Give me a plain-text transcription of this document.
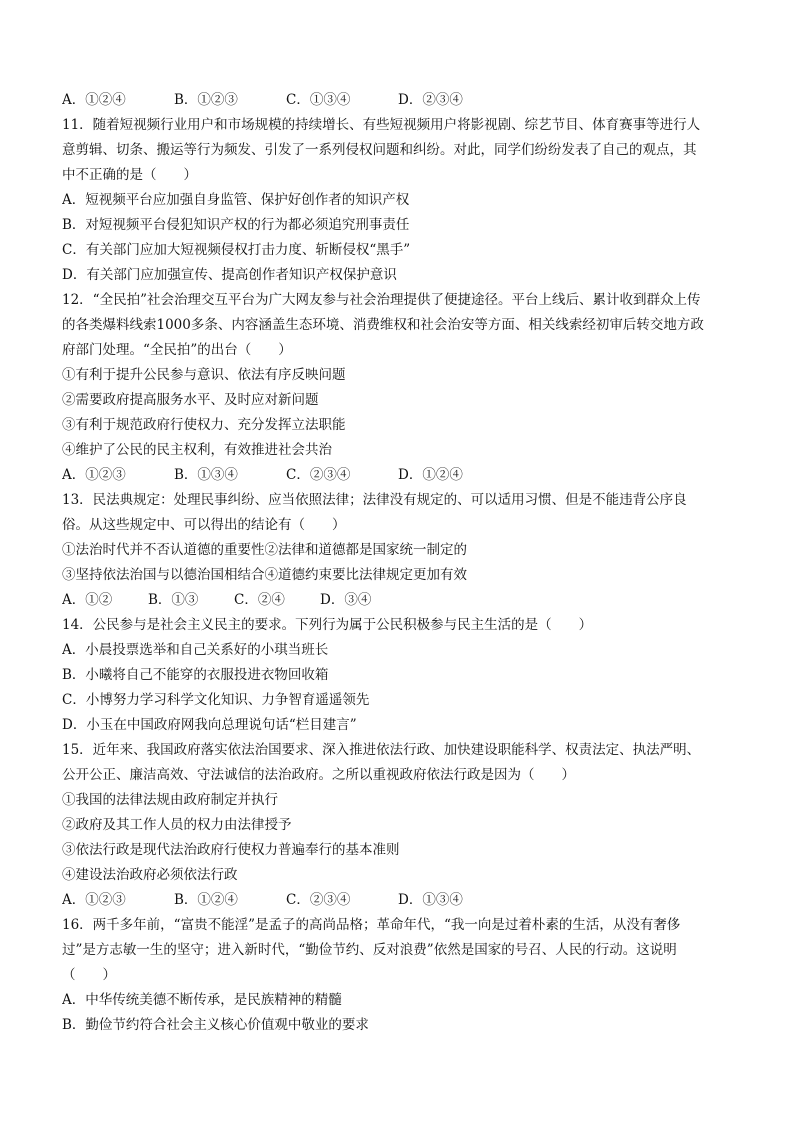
A．①②④	B．①②③	C．①③④	D．②③④
11．随着短视频行业用户和市场规模的持续增长、有些短视频用户将影视剧、综艺节目、体育赛事等进行人
意剪辑、切条、搬运等行为频发、引发了一系列侵权问题和纠纷。对此，同学们纷纷发表了自己的观点，其
中不正确的是（　　）
A．短视频平台应加强自身监管、保护好创作者的知识产权
B．对短视频平台侵犯知识产权的行为都必须追究刑事责任
C．有关部门应加大短视频侵权打击力度、斩断侵权“黑手”
D．有关部门应加强宣传、提高创作者知识产权保护意识
12．“全民拍”社会治理交互平台为广大网友参与社会治理提供了便捷途径。平台上线后、累计收到群众上传
的各类爆料线索1000多条、内容涵盖生态环境、消费维权和社会治安等方面、相关线索经初审后转交地方政
府部门处理。“全民拍”的出台（　　）
①有利于提升公民参与意识、依法有序反映问题
②需要政府提高服务水平、及时应对新问题
③有利于规范政府行使权力、充分发挥立法职能
④维护了公民的民主权利，有效推进社会共治
A．①②③	B．①③④	C．②③④	D．①②④
13．民法典规定：处理民事纠纷、应当依照法律；法律没有规定的、可以适用习惯、但是不能违背公序良
俗。从这些规定中、可以得出的结论有（　　）
①法治时代并不否认道德的重要性②法律和道德都是国家统一制定的
③坚持依法治国与以德治国相结合④道德约束要比法律规定更加有效
A．①②	B．①③	C．②④	D．③④
14．公民参与是社会主义民主的要求。下列行为属于公民积极参与民主生活的是（　　）
A．小晨投票选举和自己关系好的小琪当班长
B．小曦将自己不能穿的衣服投进衣物回收箱
C．小博努力学习科学文化知识、力争智育遥遥领先
D．小玉在中国政府网我向总理说句话“栏目建言”
15．近年来、我国政府落实依法治国要求、深入推进依法行政、加快建设职能科学、权责法定、执法严明、
公开公正、廉洁高效、守法诚信的法治政府。之所以重视政府依法行政是因为（　　）
①我国的法律法规由政府制定并执行
②政府及其工作人员的权力由法律授予
③依法行政是现代法治政府行使权力普遍奉行的基本准则
④建设法治政府必须依法行政
A．①②③	B．①②④	C．②③④	D．①③④
16．两千多年前，“富贵不能淫”是孟子的高尚品格；革命年代，“我一向是过着朴素的生活，从没有奢侈
过”是方志敏一生的坚守；进入新时代，“勤俭节约、反对浪费”依然是国家的号召、人民的行动。这说明
（　　）
A．中华传统美德不断传承，是民族精神的精髓
B．勤俭节约符合社会主义核心价值观中敬业的要求
